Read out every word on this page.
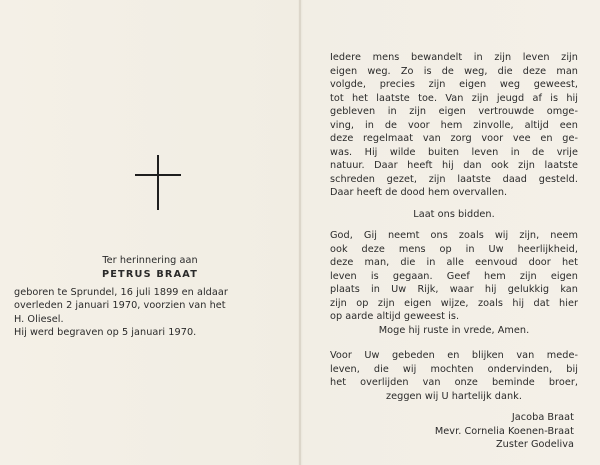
Ter herinnering aan
PETRUS BRAAT
geboren te Sprundel, 16 juli 1899 en aldaar
overleden 2 januari 1970, voorzien van het
H. Oliesel.
Hij werd begraven op 5 januari 1970.
Iedere mens bewandelt in zijn leven zijn
eigen weg. Zo is de weg, die deze man
volgde, precies zijn eigen weg geweest,
tot het laatste toe. Van zijn jeugd af is hij
gebleven in zijn eigen vertrouwde omge-
ving, in de voor hem zinvolle, altijd een
deze regelmaat van zorg voor vee en ge-
was. Hij wilde buiten leven in de vrije
natuur. Daar heeft hij dan ook zijn laatste
schreden gezet, zijn laatste daad gesteld.
Daar heeft de dood hem overvallen.
Laat ons bidden.
God, Gij neemt ons zoals wij zijn, neem
ook deze mens op in Uw heerlijkheid,
deze man, die in alle eenvoud door het
leven is gegaan. Geef hem zijn eigen
plaats in Uw Rijk, waar hij gelukkig kan
zijn op zijn eigen wijze, zoals hij dat hier
op aarde altijd geweest is.
Moge hij ruste in vrede, Amen.
Voor Uw gebeden en blijken van mede-
leven, die wij mochten ondervinden, bij
het overlijden van onze beminde broer,
zeggen wij U hartelijk dank.
Jacoba Braat
Mevr. Cornelia Koenen-Braat
Zuster Godeliva
